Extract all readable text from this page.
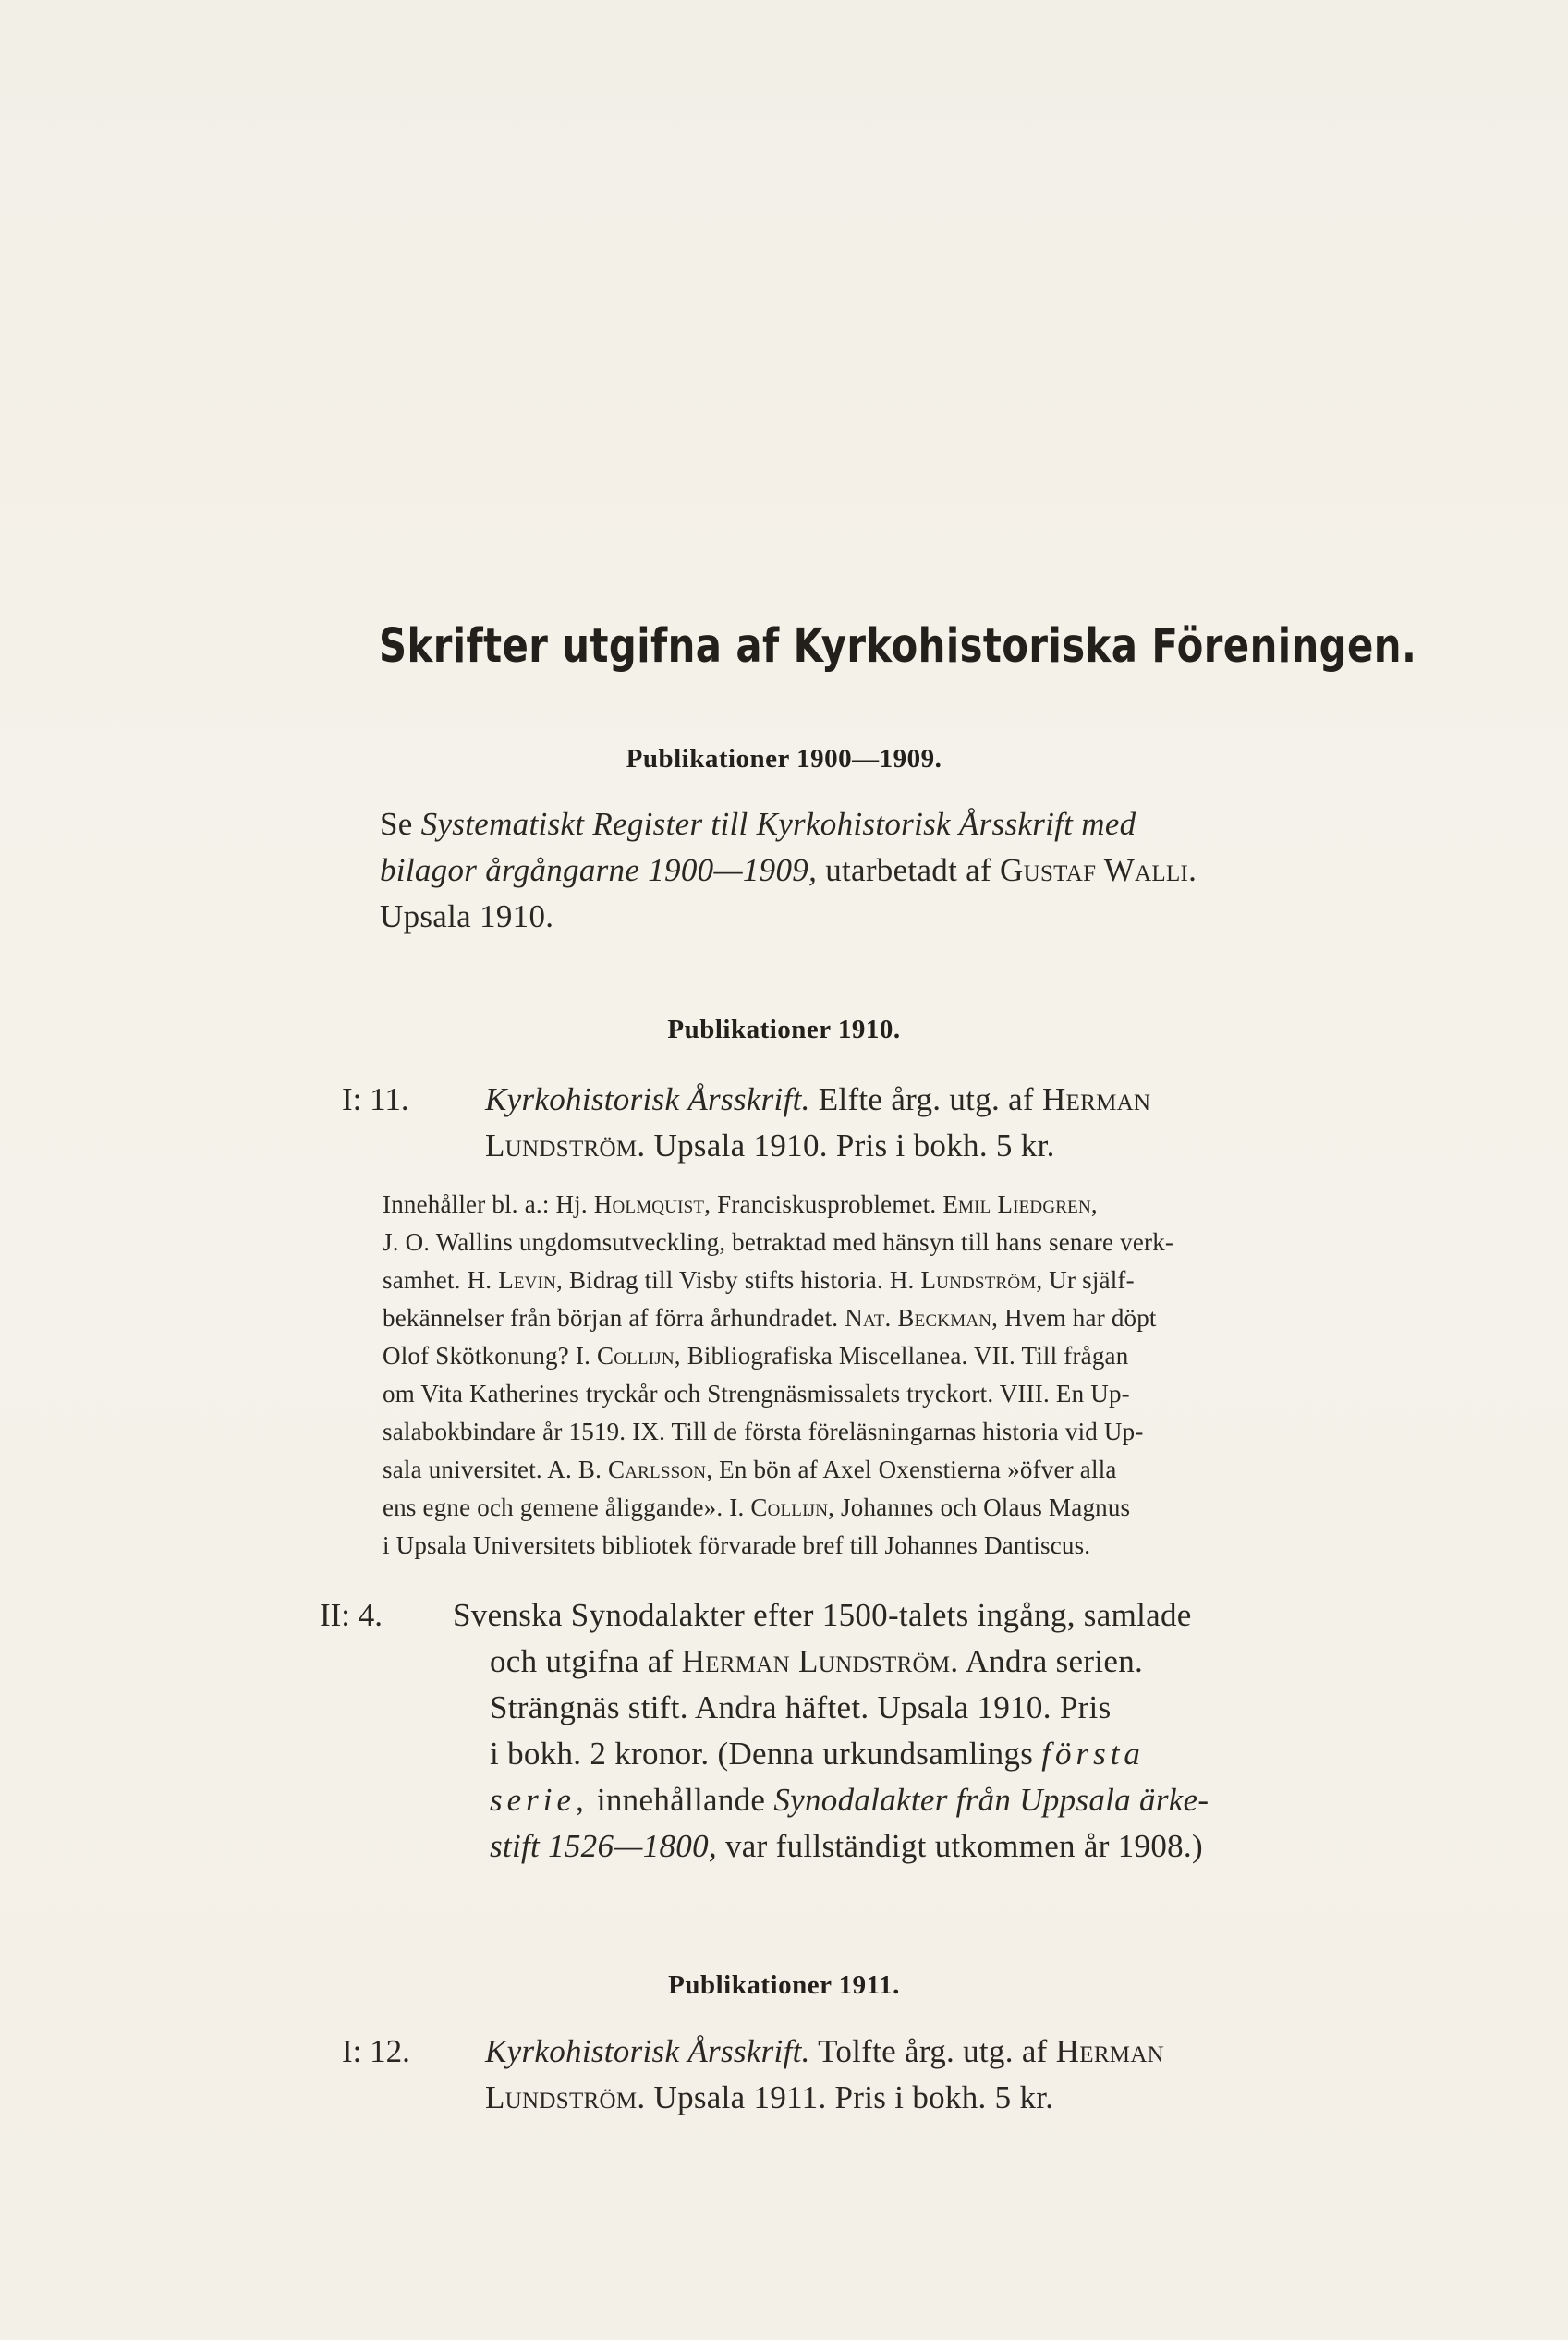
Skrifter utgifna af Kyrkohistoriska Föreningen.
Publikationer 1900—1909.
Se Systematiskt Register till Kyrkohistorisk Årsskrift med
bilagor årgångarne 1900—1909, utarbetadt af Gustaf Walli.
Upsala 1910.
Publikationer 1910.
I: 11. Kyrkohistorisk Årsskrift. Elfte årg. utg. af Herman
Lundström. Upsala 1910. Pris i bokh. 5 kr.
Innehåller bl. a.: Hj. Holmquist, Franciskusproblemet. Emil Liedgren,
J. O. Wallins ungdomsutveckling, betraktad med hänsyn till hans senare verk-
samhet. H. Levin, Bidrag till Visby stifts historia. H. Lundström, Ur själf-
bekännelser från början af förra århundradet. Nat. Beckman, Hvem har döpt
Olof Skötkonung? I. Collijn, Bibliografiska Miscellanea. VII. Till frågan
om Vita Katherines tryckår och Strengnäsmissalets tryckort. VIII. En Up-
salabokbindare år 1519. IX. Till de första föreläsningarnas historia vid Up-
sala universitet. A. B. Carlsson, En bön af Axel Oxenstierna »öfver alla
ens egne och gemene åliggande». I. Collijn, Johannes och Olaus Magnus
i Upsala Universitets bibliotek förvarade bref till Johannes Dantiscus.
II: 4. Svenska Synodalakter efter 1500-talets ingång, samlade
och utgifna af Herman Lundström. Andra serien.
Strängnäs stift. Andra häftet. Upsala 1910. Pris
i bokh. 2 kronor. (Denna urkundsamlings första
serie, innehållande Synodalakter från Uppsala ärke-
stift 1526—1800, var fullständigt utkommen år 1908.)
Publikationer 1911.
I: 12. Kyrkohistorisk Årsskrift. Tolfte årg. utg. af Herman
Lundström. Upsala 1911. Pris i bokh. 5 kr.
